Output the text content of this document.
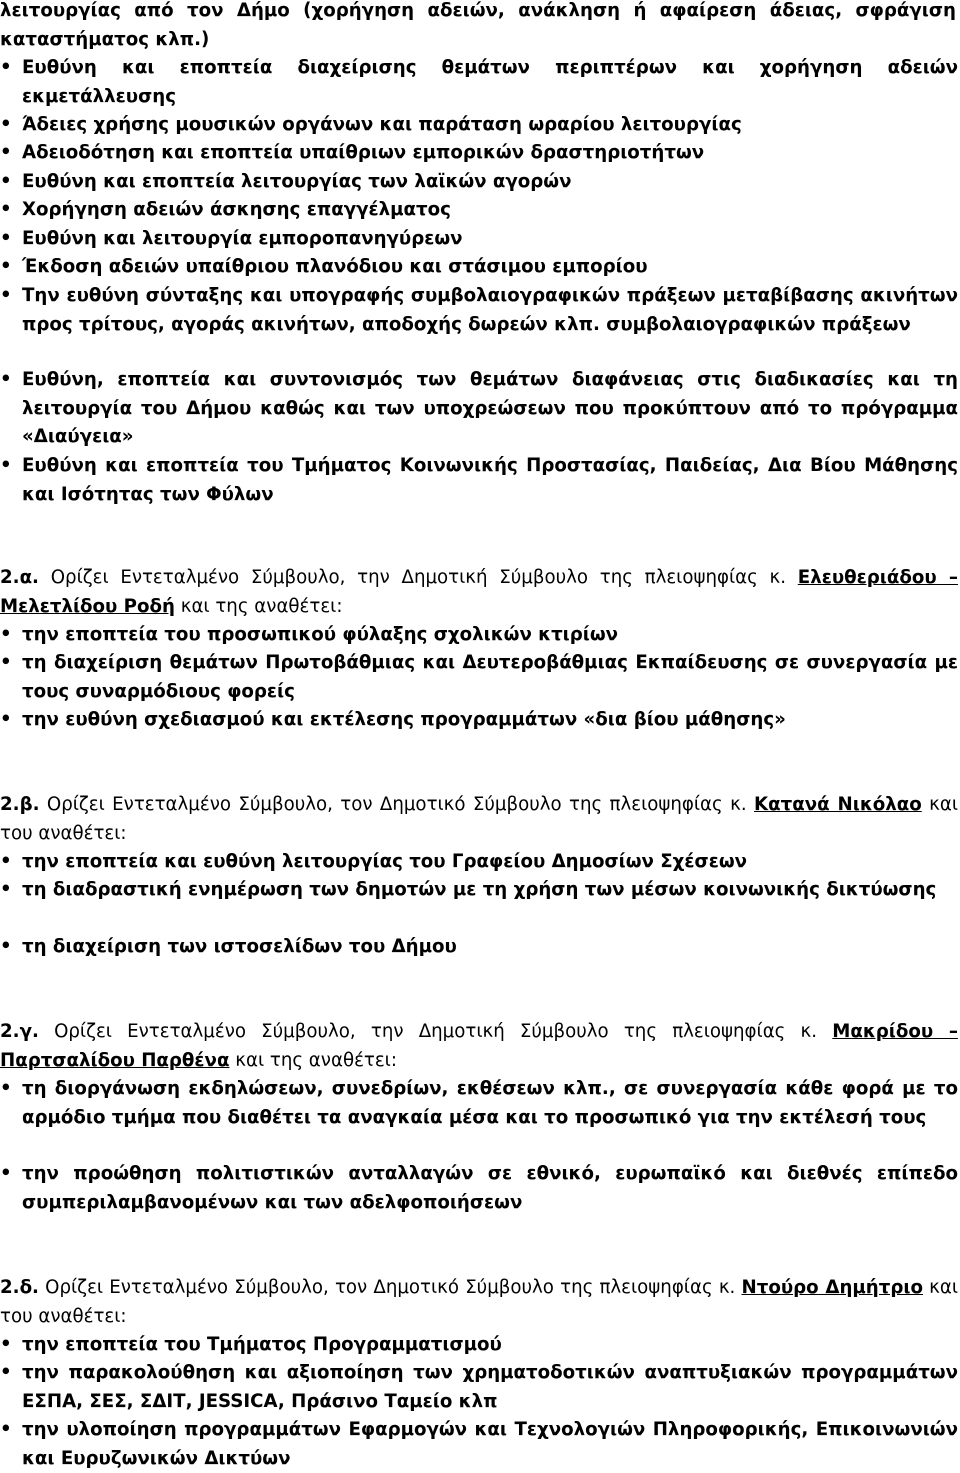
λειτουργίας από τον Δήμο (χορήγηση αδειών, ανάκληση ή αφαίρεση άδειας, σφράγιση καταστήματος κλπ.)

• Ευθύνη και εποπτεία διαχείρισης θεμάτων περιπτέρων και χορήγηση αδειών εκμετάλλευσης
• Άδειες χρήσης μουσικών οργάνων και παράταση ωραρίου λειτουργίας
• Αδειοδότηση και εποπτεία υπαίθριων εμπορικών δραστηριοτήτων
• Ευθύνη και εποπτεία λειτουργίας των λαϊκών αγορών
• Χορήγηση αδειών άσκησης επαγγέλματος
• Ευθύνη και λειτουργία εμποροπανηγύρεων
• Έκδοση αδειών υπαίθριου πλανόδιου και στάσιμου εμπορίου
• Την ευθύνη σύνταξης και υπογραφής συμβολαιογραφικών πράξεων μεταβίβασης ακινήτων προς τρίτους, αγοράς ακινήτων, αποδοχής δωρεών κλπ. συμβολαιογραφικών πράξεων
• Ευθύνη, εποπτεία και συντονισμός των θεμάτων διαφάνειας στις διαδικασίες και τη λειτουργία του Δήμου καθώς και των υποχρεώσεων που προκύπτουν από το πρόγραμμα «Διαύγεια»
• Ευθύνη και εποπτεία του Τμήματος Κοινωνικής Προστασίας, Παιδείας, Δια Βίου Μάθησης και Ισότητας των Φύλων

2.α. Ορίζει Εντεταλμένο Σύμβουλο, την Δημοτική Σύμβουλο της πλειοψηφίας κ. Ελευθεριάδου – Μελετλίδου Ροδή και της αναθέτει:

• την εποπτεία του προσωπικού φύλαξης σχολικών κτιρίων
• τη διαχείριση θεμάτων Πρωτοβάθμιας και Δευτεροβάθμιας Εκπαίδευσης σε συνεργασία με τους συναρμόδιους φορείς
• την ευθύνη σχεδιασμού και εκτέλεσης προγραμμάτων «δια βίου μάθησης»

2.β. Ορίζει Εντεταλμένο Σύμβουλο, τον Δημοτικό Σύμβουλο της πλειοψηφίας κ. Κατανά Νικόλαο και του αναθέτει:

• την εποπτεία και ευθύνη λειτουργίας του Γραφείου Δημοσίων Σχέσεων
• τη διαδραστική ενημέρωση των δημοτών με τη χρήση των μέσων κοινωνικής δικτύωσης
• τη διαχείριση των ιστοσελίδων του Δήμου

2.γ. Ορίζει Εντεταλμένο Σύμβουλο, την Δημοτική Σύμβουλο της πλειοψηφίας κ. Μακρίδου – Παρτσαλίδου Παρθένα και της αναθέτει:

• τη διοργάνωση εκδηλώσεων, συνεδρίων, εκθέσεων κλπ., σε συνεργασία κάθε φορά με το αρμόδιο τμήμα που διαθέτει τα αναγκαία μέσα και το προσωπικό για την εκτέλεσή τους
• την προώθηση πολιτιστικών ανταλλαγών σε εθνικό, ευρωπαϊκό και διεθνές επίπεδο συμπεριλαμβανομένων και των αδελφοποιήσεων

2.δ. Ορίζει Εντεταλμένο Σύμβουλο, τον Δημοτικό Σύμβουλο της πλειοψηφίας κ. Ντούρο Δημήτριο και του αναθέτει:

• την εποπτεία του Τμήματος Προγραμματισμού
• την παρακολούθηση και αξιοποίηση των χρηματοδοτικών αναπτυξιακών προγραμμάτων ΕΣΠΑ, ΣΕΣ, ΣΔΙΤ, JESSICA, Πράσινο Ταμείο κλπ
• την υλοποίηση προγραμμάτων Εφαρμογών και Τεχνολογιών Πληροφορικής, Επικοινωνιών και Ευρυζωνικών Δικτύων
